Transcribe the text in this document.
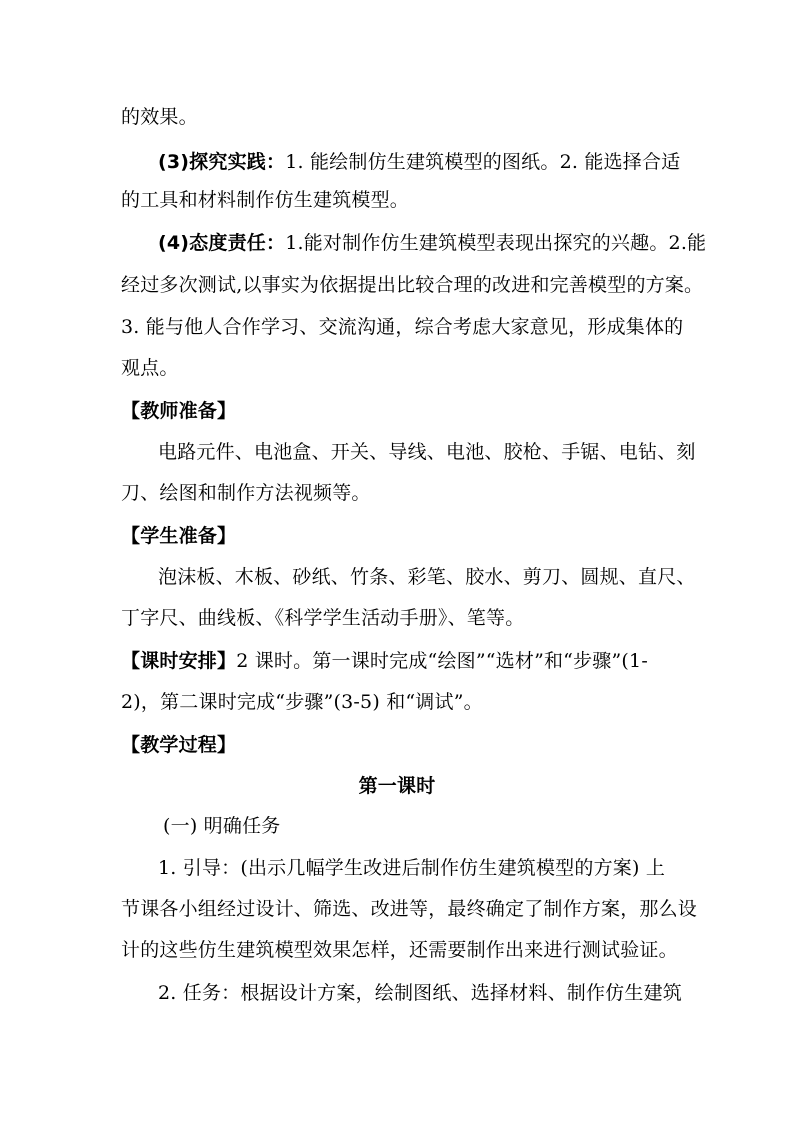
的效果。

(3)探究实践：1. 能绘制仿生建筑模型的图纸。2. 能选择合适

的工具和材料制作仿生建筑模型。

(4)态度责任：1.能对制作仿生建筑模型表现出探究的兴趣。2.能

经过多次测试,以事实为依据提出比较合理的改进和完善模型的方案。

3. 能与他人合作学习、交流沟通，综合考虑大家意见，形成集体的

观点。

【教师准备】

电路元件、电池盒、开关、导线、电池、胶枪、手锯、电钻、刻

刀、绘图和制作方法视频等。

【学生准备】

泡沫板、木板、砂纸、竹条、彩笔、胶水、剪刀、圆规、直尺、

丁字尺、曲线板、《科学学生活动手册》、笔等。

【课时安排】2 课时。第一课时完成“绘图”“选材”和“步骤”(1-

2)，第二课时完成“步骤”(3-5) 和“调试”。

【教学过程】

第一课时

(一) 明确任务

1. 引导：(出示几幅学生改进后制作仿生建筑模型的方案) 上

节课各小组经过设计、筛选、改进等，最终确定了制作方案，那么设

计的这些仿生建筑模型效果怎样，还需要制作出来进行测试验证。

2. 任务：根据设计方案，绘制图纸、选择材料、制作仿生建筑
